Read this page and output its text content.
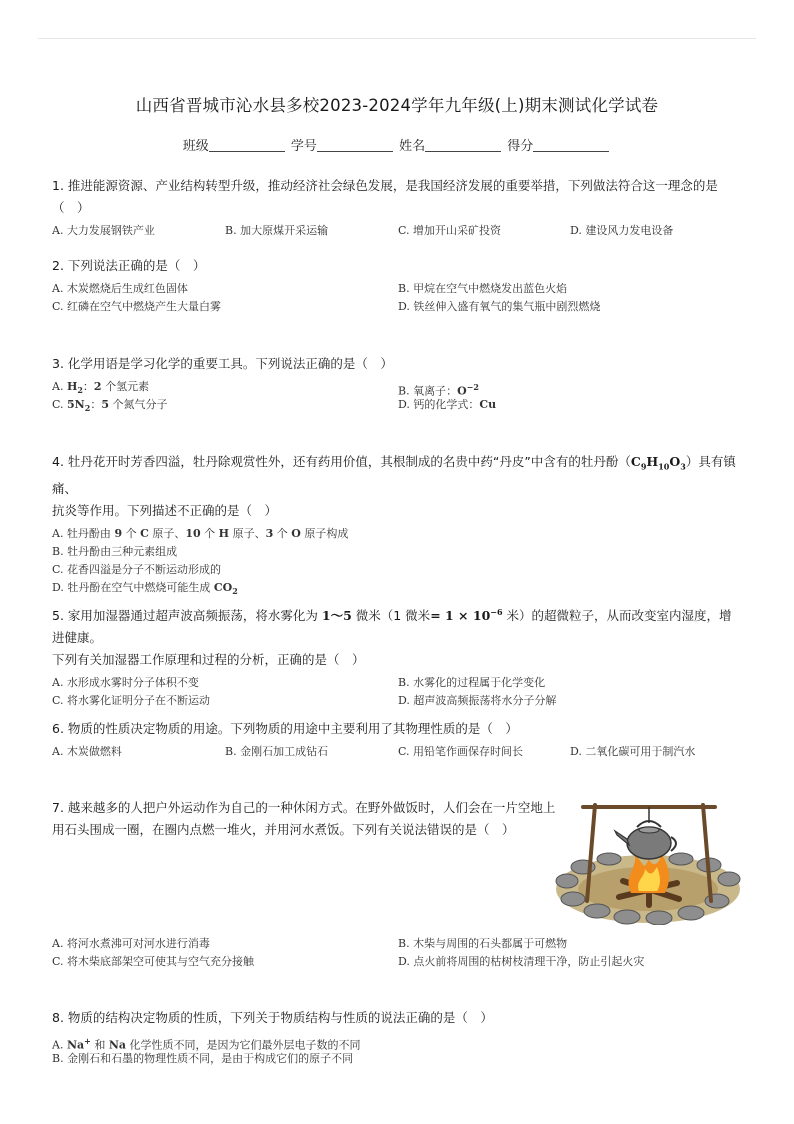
山西省晋城市沁水县多校2023-2024学年九年级(上)期末测试化学试卷
班级	学号	姓名	得分
1. 推进能源资源、产业结构转型升级，推动经济社会绿色发展，是我国经济发展的重要举措，下列做法符合这一理念的是（　）
A. 大力发展钢铁产业	B. 加大原煤开采运输	C. 增加开山采矿投资	D. 建设风力发电设备
2. 下列说法正确的是（　）
A. 木炭燃烧后生成红色固体	B. 甲烷在空气中燃烧发出蓝色火焰
C. 红磷在空气中燃烧产生大量白雾	D. 铁丝伸入盛有氧气的集气瓶中剧烈燃烧
3. 化学用语是学习化学的重要工具。下列说法正确的是（　）
A. $H_2$：2 个氢元素	B. 氧离子：$O^{-2}$
C. $5N_2$：5 个氮气分子	D. 钙的化学式：Cu
4. 牡丹花开时芳香四溢，牡丹除观赏性外，还有药用价值，其根制成的名贵中药“丹皮”中含有的牡丹酚$(C_9H_{10}O_3)$具有镇痛、
抗炎等作用。下列描述不正确的是（　）
A. 牡丹酚由 9 个 C 原子、10 个 H 原子、3 个 O 原子构成
B. 牡丹酚由三种元素组成
C. 花香四溢是分子不断运动形成的
D. 牡丹酚在空气中燃烧可能生成 $CO_2$
5. 家用加湿器通过超声波高频振荡，将水雾化为 1～5 微米（1 微米= $1 \times 10^{-6}$ 米）的超微粒子，从而改变室内湿度，增进健康。
下列有关加湿器工作原理和过程的分析，正确的是（　）
A. 水形成水雾时分子体积不变	B. 水雾化的过程属于化学变化
C. 将水雾化证明分子在不断运动	D. 超声波高频振荡将水分子分解
6. 物质的性质决定物质的用途。下列物质的用途中主要利用了其物理性质的是（　）
A. 木炭做燃料	B. 金刚石加工成钻石	C. 用铅笔作画保存时间长	D. 二氧化碳可用于制汽水
7. 越来越多的人把户外运动作为自己的一种休闲方式。在野外做饭时，人们会在一片空地上
用石头围成一圈，在圈内点燃一堆火，并用河水煮饭。下列有关说法错误的是（　）
A. 将河水煮沸可对河水进行消毒	B. 木柴与周围的石头都属于可燃物
C. 将木柴底部架空可使其与空气充分接触	D. 点火前将周围的枯树枝清理干净，防止引起火灾
8. 物质的结构决定物质的性质，下列关于物质结构与性质的说法正确的是（　）
A. Na+ 和 Na 化学性质不同，是因为它们最外层电子数的不同
B. 金刚石和石墨的物理性质不同，是由于构成它们的原子不同
